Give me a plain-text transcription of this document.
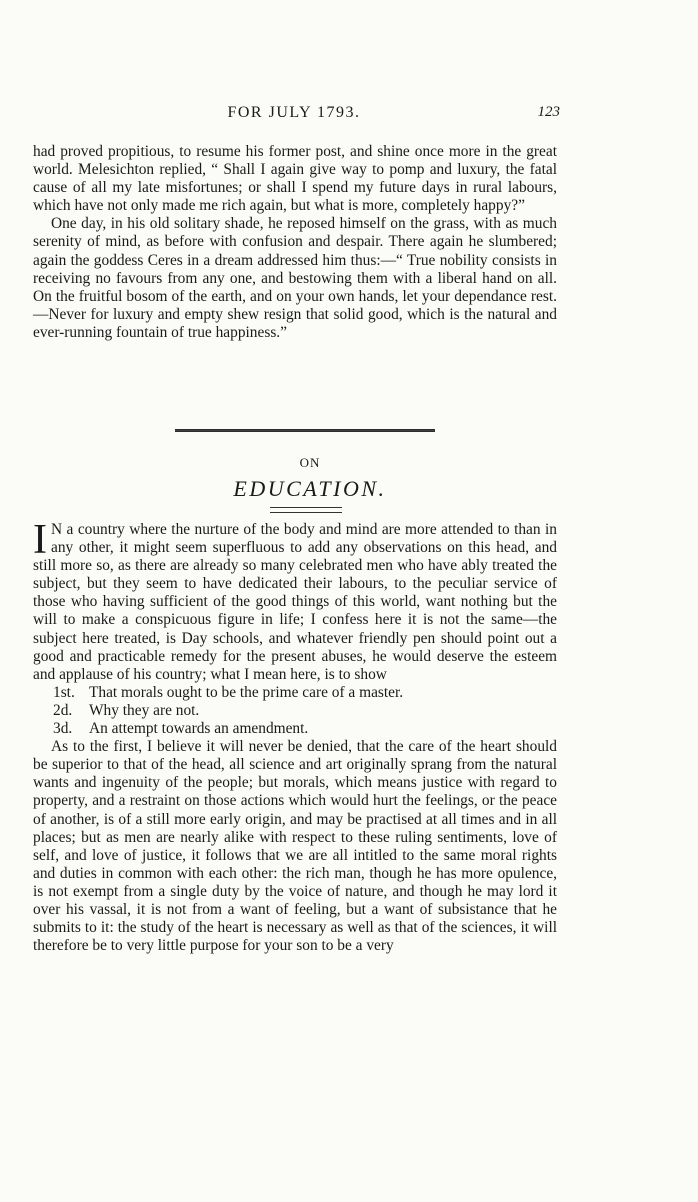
FOR JULY 1793.	123

had proved propitious, to resume his former post, and shine once more in the great world. Melesichton replied, “ Shall I again give way to pomp and luxury, the fatal cause of all my late misfortunes; or shall I spend my future days in rural labours, which have not only made me rich again, but what is more, completely happy?”

One day, in his old solitary shade, he reposed himself on the grass, with as much serenity of mind, as before with confusion and despair. There again he slumbered; again the goddess Ceres in a dream addressed him thus:—“ True nobility consists in receiving no favours from any one, and bestowing them with a liberal hand on all. On the fruitful bosom of the earth, and on your own hands, let your dependance rest.—Never for luxury and empty shew resign that solid good, which is the natural and ever-running fountain of true happiness.”

ON
EDUCATION.

I N a country where the nurture of the body and mind are more attended to than in any other, it might seem superfluous to add any observations on this head, and still more so, as there are already so many celebrated men who have ably treated the subject, but they seem to have dedicated their labours, to the peculiar service of those who having sufficient of the good things of this world, want nothing but the will to make a conspicuous figure in life; I confess here it is not the same—the subject here treated, is Day schools, and whatever friendly pen should point out a good and practicable remedy for the present abuses, he would deserve the esteem and applause of his country; what I mean here, is to show

1st. That morals ought to be the prime care of a master.
2d. Why they are not.
3d. An attempt towards an amendment.

As to the first, I believe it will never be denied, that the care of the heart should be superior to that of the head, all science and art originally sprang from the natural wants and ingenuity of the people; but morals, which means justice with regard to property, and a restraint on those actions which would hurt the feelings, or the peace of another, is of a still more early origin, and may be practised at all times and in all places; but as men are nearly alike with respect to these ruling sentiments, love of self, and love of justice, it follows that we are all intitled to the same moral rights and duties in common with each other: the rich man, though he has more opulence, is not exempt from a single duty by the voice of nature, and though he may lord it over his vassal, it is not from a want of feeling, but a want of subsistance that he submits to it: the study of the heart is necessary as well as that of the sciences, it will therefore be to very little purpose for your son to be a very
